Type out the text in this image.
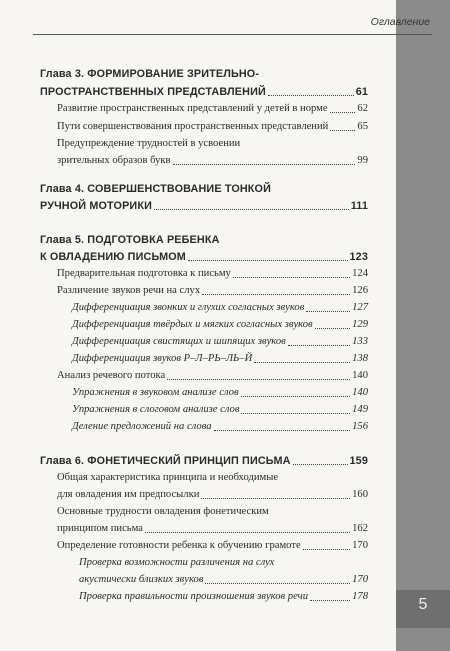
5
Оглавление
Глава 3. ФОРМИРОВАНИЕ ЗРИТЕЛЬНО-
ПРОСТРАНСТВЕННЫХ ПРЕДСТАВЛЕНИЙ	61
Развитие пространственных представлений у детей в норме	62
Пути совершенствования пространственных представлений	65
Предупреждение трудностей в усвоении
зрительных образов букв	99
Глава 4. СОВЕРШЕНСТВОВАНИЕ ТОНКОЙ
РУЧНОЙ МОТОРИКИ	111
Глава 5. ПОДГОТОВКА РЕБЕНКА
К ОВЛАДЕНИЮ ПИСЬМОМ	123
Предварительная подготовка к письму	124
Различение звуков речи на слух	126
Дифференциация звонких и глухих согласных звуков	127
Дифференциация твёрдых и мягких согласных звуков	129
Дифференциация свистящих и шипящих звуков	133
Дифференциация звуков Р–Л–РЬ–ЛЬ–Й	138
Анализ речевого потока	140
Упражнения в звуковом анализе слов	140
Упражнения в слоговом анализе слов	149
Деление предложений на слова	156
Глава 6. ФОНЕТИЧЕСКИЙ ПРИНЦИП ПИСЬМА	159
Общая характеристика принципа и необходимые
для овладения им предпосылки	160
Основные трудности овладения фонетическим
принципом письма	162
Определение готовности ребенка к обучению грамоте	170
Проверка возможности различения на слух
акустически близких звуков	170
Проверка правильности произношения звуков речи	178
